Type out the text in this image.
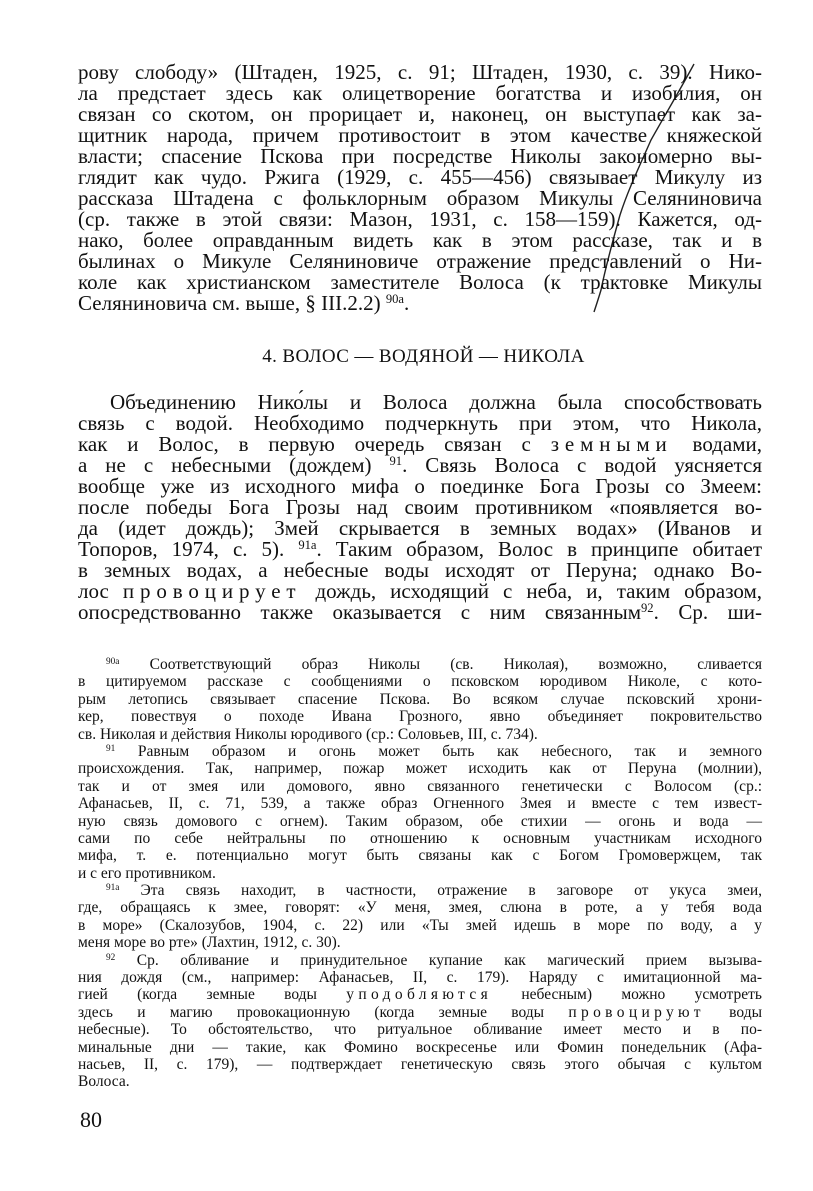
рову слободу» (Штаден, 1925, с. 91; Штаден, 1930, с. 39). Нико-
ла предстает здесь как олицетворение богатства и изобилия, он
связан со скотом, он прорицает и, наконец, он выступает как за-
щитник народа, причем противостоит в этом качестве княжеской
власти; спасение Пскова при посредстве Николы закономерно вы-
глядит как чудо. Ржига (1929, с. 455—456) связывает Микулу из
рассказа Штадена с фольклорным образом Микулы Селяниновича
(ср. также в этой связи: Мазон, 1931, с. 158—159). Кажется, од-
нако, более оправданным видеть как в этом рассказе, так и в
былинах о Микуле Селяниновиче отражение представлений о Ни-
коле как христианском заместителе Волоса (к трактовке Микулы
Селяниновича см. выше, § III.2.2) $^{90а}$.
4. ВОЛОС — ВОДЯНОЙ — НИКОЛА
Объединению Нико́лы и Волоса должна была способствовать
связь с водой. Необходимо подчеркнуть при этом, что Никола,
как и Волос, в первую очередь связан с земными водами,
а не с небесными (дождем) $^{91}$. Связь Волоса с водой уясняется
вообще уже из исходного мифа о поединке Бога Грозы со Змеем:
после победы Бога Грозы над своим противником «появляется во-
да (идет дождь); Змей скрывается в земных водах» (Иванов и
Топоров, 1974, с. 5). $^{91а}$. Таким образом, Волос в принципе обитает
в земных водах, а небесные воды исходят от Перуна; однако Во-
лос провоцирует дождь, исходящий с неба, и, таким образом,
опосредствованно также оказывается с ним связанным$^{92}$. Ср. ши-
$^{90а}$ Соответствующий образ Николы (св. Николая), возможно, сливается
в цитируемом рассказе с сообщениями о псковском юродивом Николе, с кото-
рым летопись связывает спасение Пскова. Во всяком случае псковский хрони-
кер, повествуя о походе Ивана Грозного, явно объединяет покровительство
св. Николая и действия Николы юродивого (ср.: Соловьев, III, с. 734).
$^{91}$ Равным образом и огонь может быть как небесного, так и земного
происхождения. Так, например, пожар может исходить как от Перуна (молнии),
так и от змея или домового, явно связанного генетически с Волосом (ср.:
Афанасьев, II, с. 71, 539, а также образ Огненного Змея и вместе с тем извест-
ную связь домового с огнем). Таким образом, обе стихии — огонь и вода —
сами по себе нейтральны по отношению к основным участникам исходного
мифа, т. е. потенциально могут быть связаны как с Богом Громовержцем, так
и с его противником.
$^{91а}$ Эта связь находит, в частности, отражение в заговоре от укуса змеи,
где, обращаясь к змее, говорят: «У меня, змея, слюна в роте, а у тебя вода
в море» (Скалозубов, 1904, с. 22) или «Ты змей идешь в море по воду, а у
меня море во рте» (Лахтин, 1912, с. 30).
$^{92}$ Ср. обливание и принудительное купание как магический прием вызыва-
ния дождя (см., например: Афанасьев, II, с. 179). Наряду с имитационной ма-
гией (когда земные воды уподобляются небесным) можно усмотреть
здесь и магию провокационную (когда земные воды провоцируют воды
небесные). То обстоятельство, что ритуальное обливание имеет место и в по-
минальные дни — такие, как Фомино воскресенье или Фомин понедельник (Афа-
насьев, II, с. 179), — подтверждает генетическую связь этого обычая с культом
Волоса.
80
